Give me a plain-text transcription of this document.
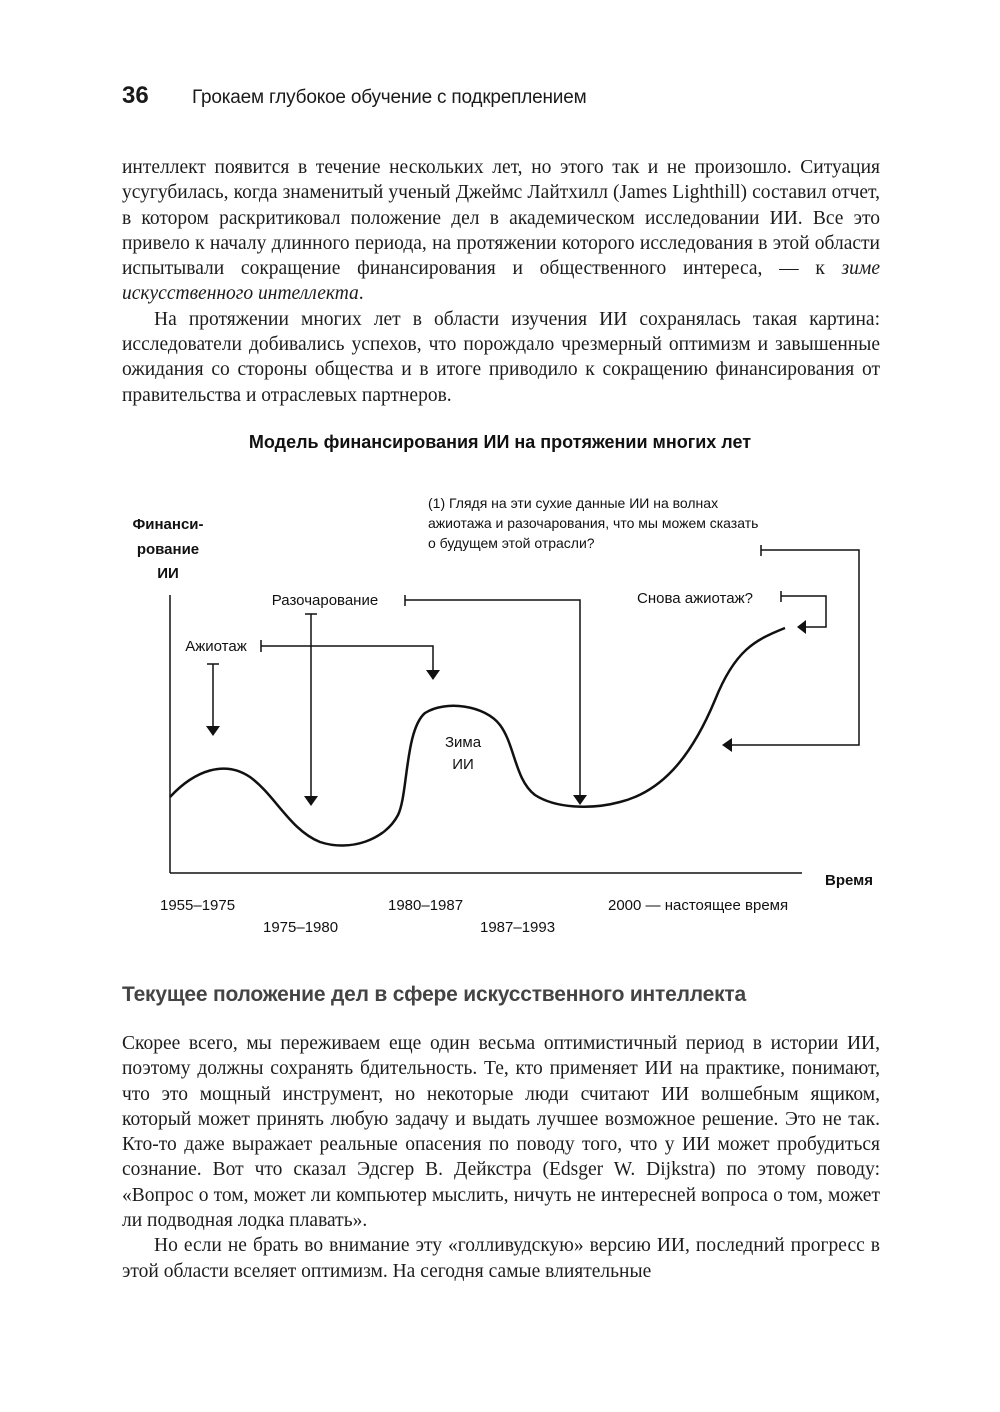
36	Грокаем глубокое обучение с подкреплением

интеллект появится в течение нескольких лет, но этого так и не произошло. Ситуация усугубилась, когда знаменитый ученый Джеймс Лайтхилл (James Lighthill) составил отчет, в котором раскритиковал положение дел в академическом исследовании ИИ. Все это привело к началу длинного периода, на протяжении которого исследования в этой области испытывали сокращение финансирования и общественного интереса, — к зиме искусственного интеллекта.

На протяжении многих лет в области изучения ИИ сохранялась такая картина: исследователи добивались успехов, что порождало чрезмерный оптимизм и завышенные ожидания со стороны общества и в итоге приводило к сокращению финансирования от правительства и отраслевых партнеров.

Модель финансирования ИИ на протяжении многих лет
Финанси-
рование
ИИ
Время
Ажиотаж
Разочарование
Зима
ИИ
Снова ажиотаж?
(1) Глядя на эти сухие данные ИИ на волнах
ажиотажа и разочарования, что мы можем сказать
о будущем этой отрасли?
1955–1975
1975–1980
1980–1987
1987–1993
2000 — настоящее время
Текущее положение дел в сфере искусственного интеллекта

Скорее всего, мы переживаем еще один весьма оптимистичный период в истории ИИ, поэтому должны сохранять бдительность. Те, кто применяет ИИ на практике, понимают, что это мощный инструмент, но некоторые люди считают ИИ волшебным ящиком, который может принять любую задачу и выдать лучшее возможное решение. Это не так. Кто-то даже выражает реальные опасения по поводу того, что у ИИ может пробудиться сознание. Вот что сказал Эдсгер В. Дейкстра (Edsger W. Dijkstra) по этому поводу: «Вопрос о том, может ли компьютер мыслить, ничуть не интересней вопроса о том, может ли подводная лодка плавать».

Но если не брать во внимание эту «голливудскую» версию ИИ, последний прогресс в этой области вселяет оптимизм. На сегодня самые влиятельные
